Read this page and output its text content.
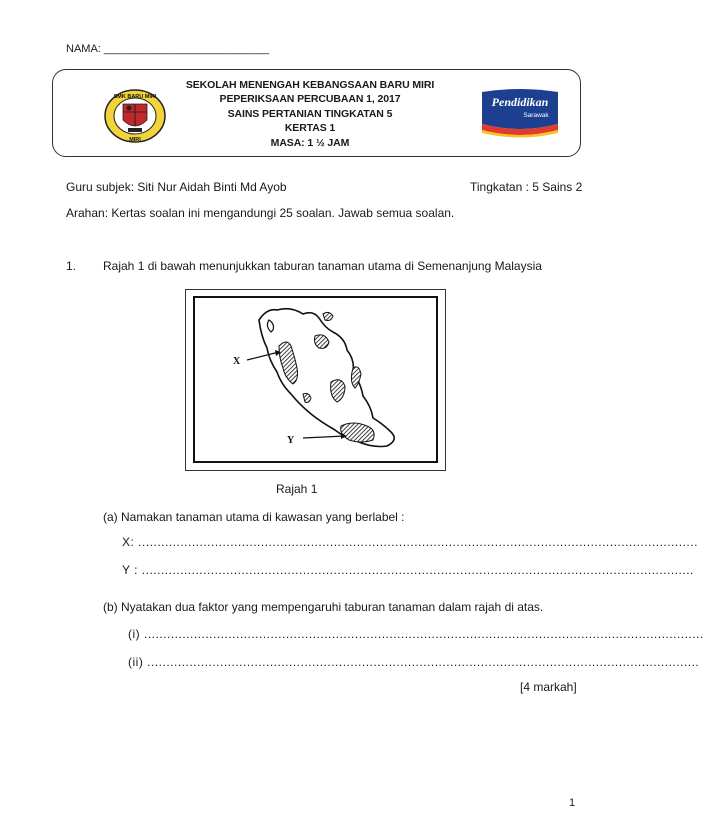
NAMA: ___________________________
SMK BARU MIRI
MIRI
SEKOLAH MENENGAH KEBANGSAAN BARU MIRI
PEPERIKSAAN PERCUBAAN 1, 2017
SAINS PERTANIAN TINGKATAN 5
KERTAS 1
MASA: 1 ½ JAM
Pendidikan
Sarawak
Guru subjek: Siti Nur Aidah Binti Md Ayob	Tingkatan : 5 Sains 2
Arahan: Kertas soalan ini mengandungi 25 soalan. Jawab semua soalan.
1. Rajah 1 di bawah menunjukkan taburan tanaman utama di Semenanjung Malaysia
X
Y
Rajah 1
(a) Namakan tanaman utama di kawasan yang berlabel :
X: ..................................................................................................................................................
Y : ................................................................................................................................................
(b) Nyatakan dua faktor yang mempengaruhi taburan tanaman dalam rajah di atas.
(i) ..................................................................................................................................................
(ii) ................................................................................................................................................
[4 markah]
1
